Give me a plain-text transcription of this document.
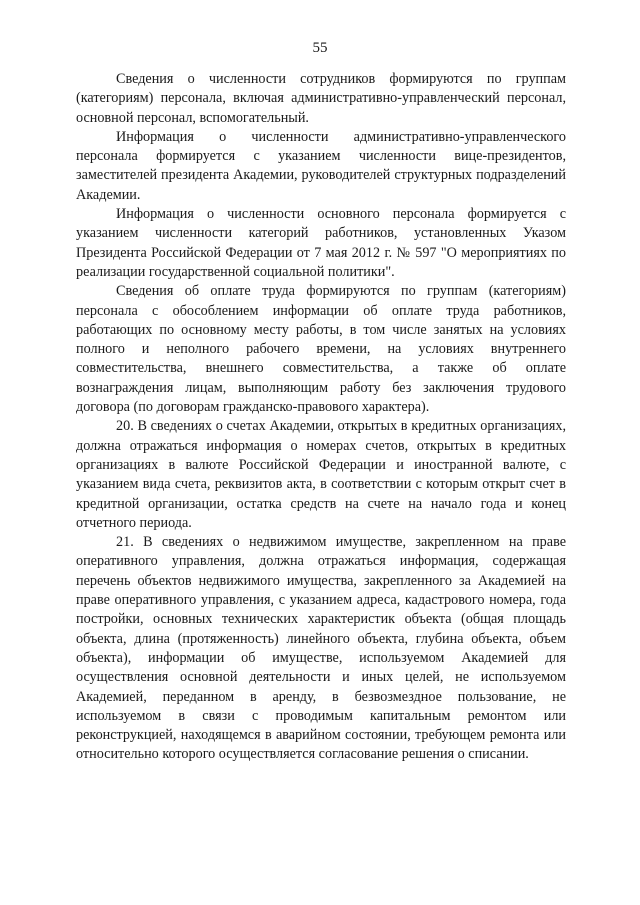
55

Сведения о численности сотрудников формируются по группам (категориям) персонала, включая административно-управленческий персонал, основной персонал, вспомогательный.

Информация о численности административно-управленческого персонала формируется с указанием численности вице-президентов, заместителей президента Академии, руководителей структурных подразделений Академии.

Информация о численности основного персонала формируется с указанием численности категорий работников, установленных Указом Президента Российской Федерации от 7 мая 2012 г. № 597 "О мероприятиях по реализации государственной социальной политики".

Сведения об оплате труда формируются по группам (категориям) персонала с обособлением информации об оплате труда работников, работающих по основному месту работы, в том числе занятых на условиях полного и неполного рабочего времени, на условиях внутреннего совместительства, внешнего совместительства, а также об оплате вознаграждения лицам, выполняющим работу без заключения трудового договора (по договорам гражданско-правового характера).

20. В сведениях о счетах Академии, открытых в кредитных организациях, должна отражаться информация о номерах счетов, открытых в кредитных организациях в валюте Российской Федерации и иностранной валюте, с указанием вида счета, реквизитов акта, в соответствии с которым открыт счет в кредитной организации, остатка средств на счете на начало года и конец отчетного периода.

21. В сведениях о недвижимом имуществе, закрепленном на праве оперативного управления, должна отражаться информация, содержащая перечень объектов недвижимого имущества, закрепленного за Академией на праве оперативного управления, с указанием адреса, кадастрового номера, года постройки, основных технических характеристик объекта (общая площадь объекта, длина (протяженность) линейного объекта, глубина объекта, объем объекта), информации об имуществе, используемом Академией для осуществления основной деятельности и иных целей, не используемом Академией, переданном в аренду, в безвозмездное пользование, не используемом в связи с проводимым капитальным ремонтом или реконструкцией, находящемся в аварийном состоянии, требующем ремонта или относительно которого осуществляется согласование решения о списании.
